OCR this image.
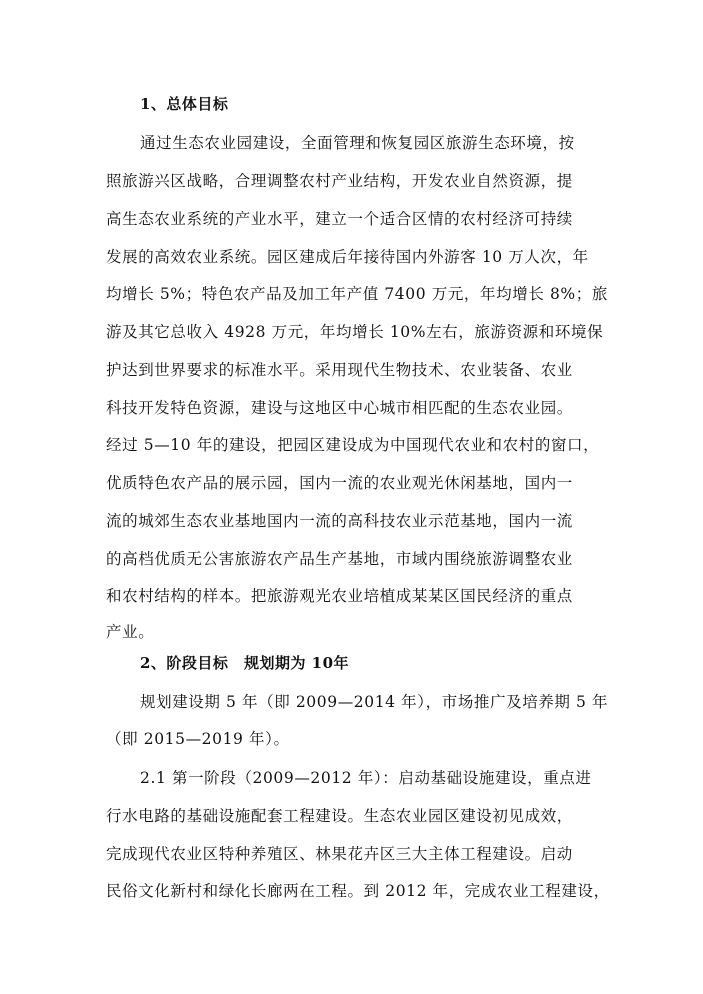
1、总体目标
通过生态农业园建设，全面管理和恢复园区旅游生态环境，按
照旅游兴区战略，合理调整农村产业结构，开发农业自然资源，提
高生态农业系统的产业水平，建立一个适合区情的农村经济可持续
发展的高效农业系统。园区建成后年接待国内外游客 10 万人次，年
均增长 5%；特色农产品及加工年产值 7400 万元，年均增长 8%；旅
游及其它总收入 4928 万元，年均增长 10%左右，旅游资源和环境保
护达到世界要求的标准水平。采用现代生物技术、农业装备、农业
科技开发特色资源，建设与这地区中心城市相匹配的生态农业园。
经过 5—10 年的建设，把园区建设成为中国现代农业和农村的窗口，
优质特色农产品的展示园，国内一流的农业观光休闲基地，国内一
流的城郊生态农业基地国内一流的高科技农业示范基地，国内一流
的高档优质无公害旅游农产品生产基地，市域内围绕旅游调整农业
和农村结构的样本。把旅游观光农业培植成某某区国民经济的重点
产业。
2、阶段目标　规划期为 10年
规划建设期 5 年（即 2009—2014 年），市场推广及培养期 5 年
（即 2015—2019 年）。
2.1 第一阶段（2009—2012 年）：启动基础设施建设，重点进
行水电路的基础设施配套工程建设。生态农业园区建设初见成效，
完成现代农业区特种养殖区、林果花卉区三大主体工程建设。启动
民俗文化新村和绿化长廊两在工程。到 2012 年，完成农业工程建设，
